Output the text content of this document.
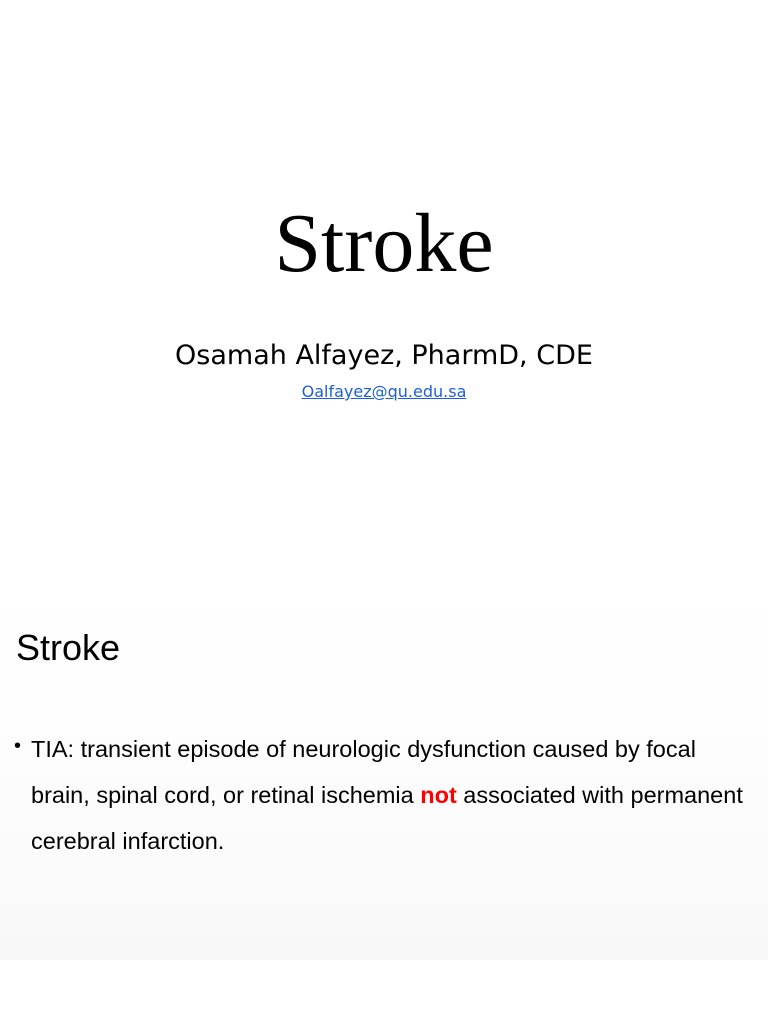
Stroke
Osamah Alfayez, PharmD, CDE
Oalfayez@qu.edu.sa
Stroke
• TIA: transient episode of neurologic dysfunction caused by focal brain, spinal cord, or retinal ischemia not associated with permanent cerebral infarction.
